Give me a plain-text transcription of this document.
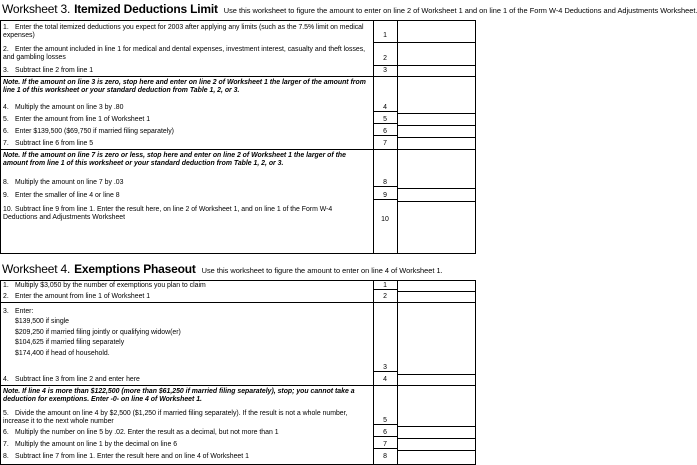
Worksheet 3. Itemized Deductions Limit Use this worksheet to figure the amount to enter on line 2 of Worksheet 1 and on line 1 of the Form W-4 Deductions and Adjustments Worksheet.
1. Enter the total itemized deductions you expect for 2003 after applying any limits (such as the 7.5% limit on medical expenses)	1
2. Enter the amount included in line 1 for medical and dental expenses, investment interest, casualty and theft losses, and gambling losses	2
3. Subtract line 2 from line 1	3
Note. If the amount on line 3 is zero, stop here and enter on line 2 of Worksheet 1 the larger of the amount from line 1 of this worksheet or your standard deduction from Table 1, 2, or 3.
4. Multiply the amount on line 3 by .80	4
5. Enter the amount from line 1 of Worksheet 1	5
6. Enter $139,500 ($69,750 if married filing separately)	6
7. Subtract line 6 from line 5	7
Note. If the amount on line 7 is zero or less, stop here and enter on line 2 of Worksheet 1 the larger of the amount from line 1 of this worksheet or your standard deduction from Table 1, 2, or 3.
8. Multiply the amount on line 7 by .03	8
9. Enter the smaller of line 4 or line 8	9
10. Subtract line 9 from line 1. Enter the result here, on line 2 of Worksheet 1, and on line 1 of the Form W-4 Deductions and Adjustments Worksheet	10
Worksheet 4. Exemptions Phaseout Use this worksheet to figure the amount to enter on line 4 of Worksheet 1.
1. Multiply $3,050 by the number of exemptions you plan to claim	1
2. Enter the amount from line 1 of Worksheet 1	2
3. Enter:
$139,500 if single
$209,250 if married filing jointly or qualifying widow(er)
$104,625 if married filing separately
$174,400 if head of household.
3
4. Subtract line 3 from line 2 and enter here	4
Note. If line 4 is more than $122,500 (more than $61,250 if married filing separately), stop; you cannot take a deduction for exemptions. Enter -0- on line 4 of Worksheet 1.
5. Divide the amount on line 4 by $2,500 ($1,250 if married filing separately). If the result is not a whole number, increase it to the next whole number	5
6. Multiply the number on line 5 by .02. Enter the result as a decimal, but not more than 1	6
7. Multiply the amount on line 1 by the decimal on line 6	7
8. Subtract line 7 from line 1. Enter the result here and on line 4 of Worksheet 1	8
